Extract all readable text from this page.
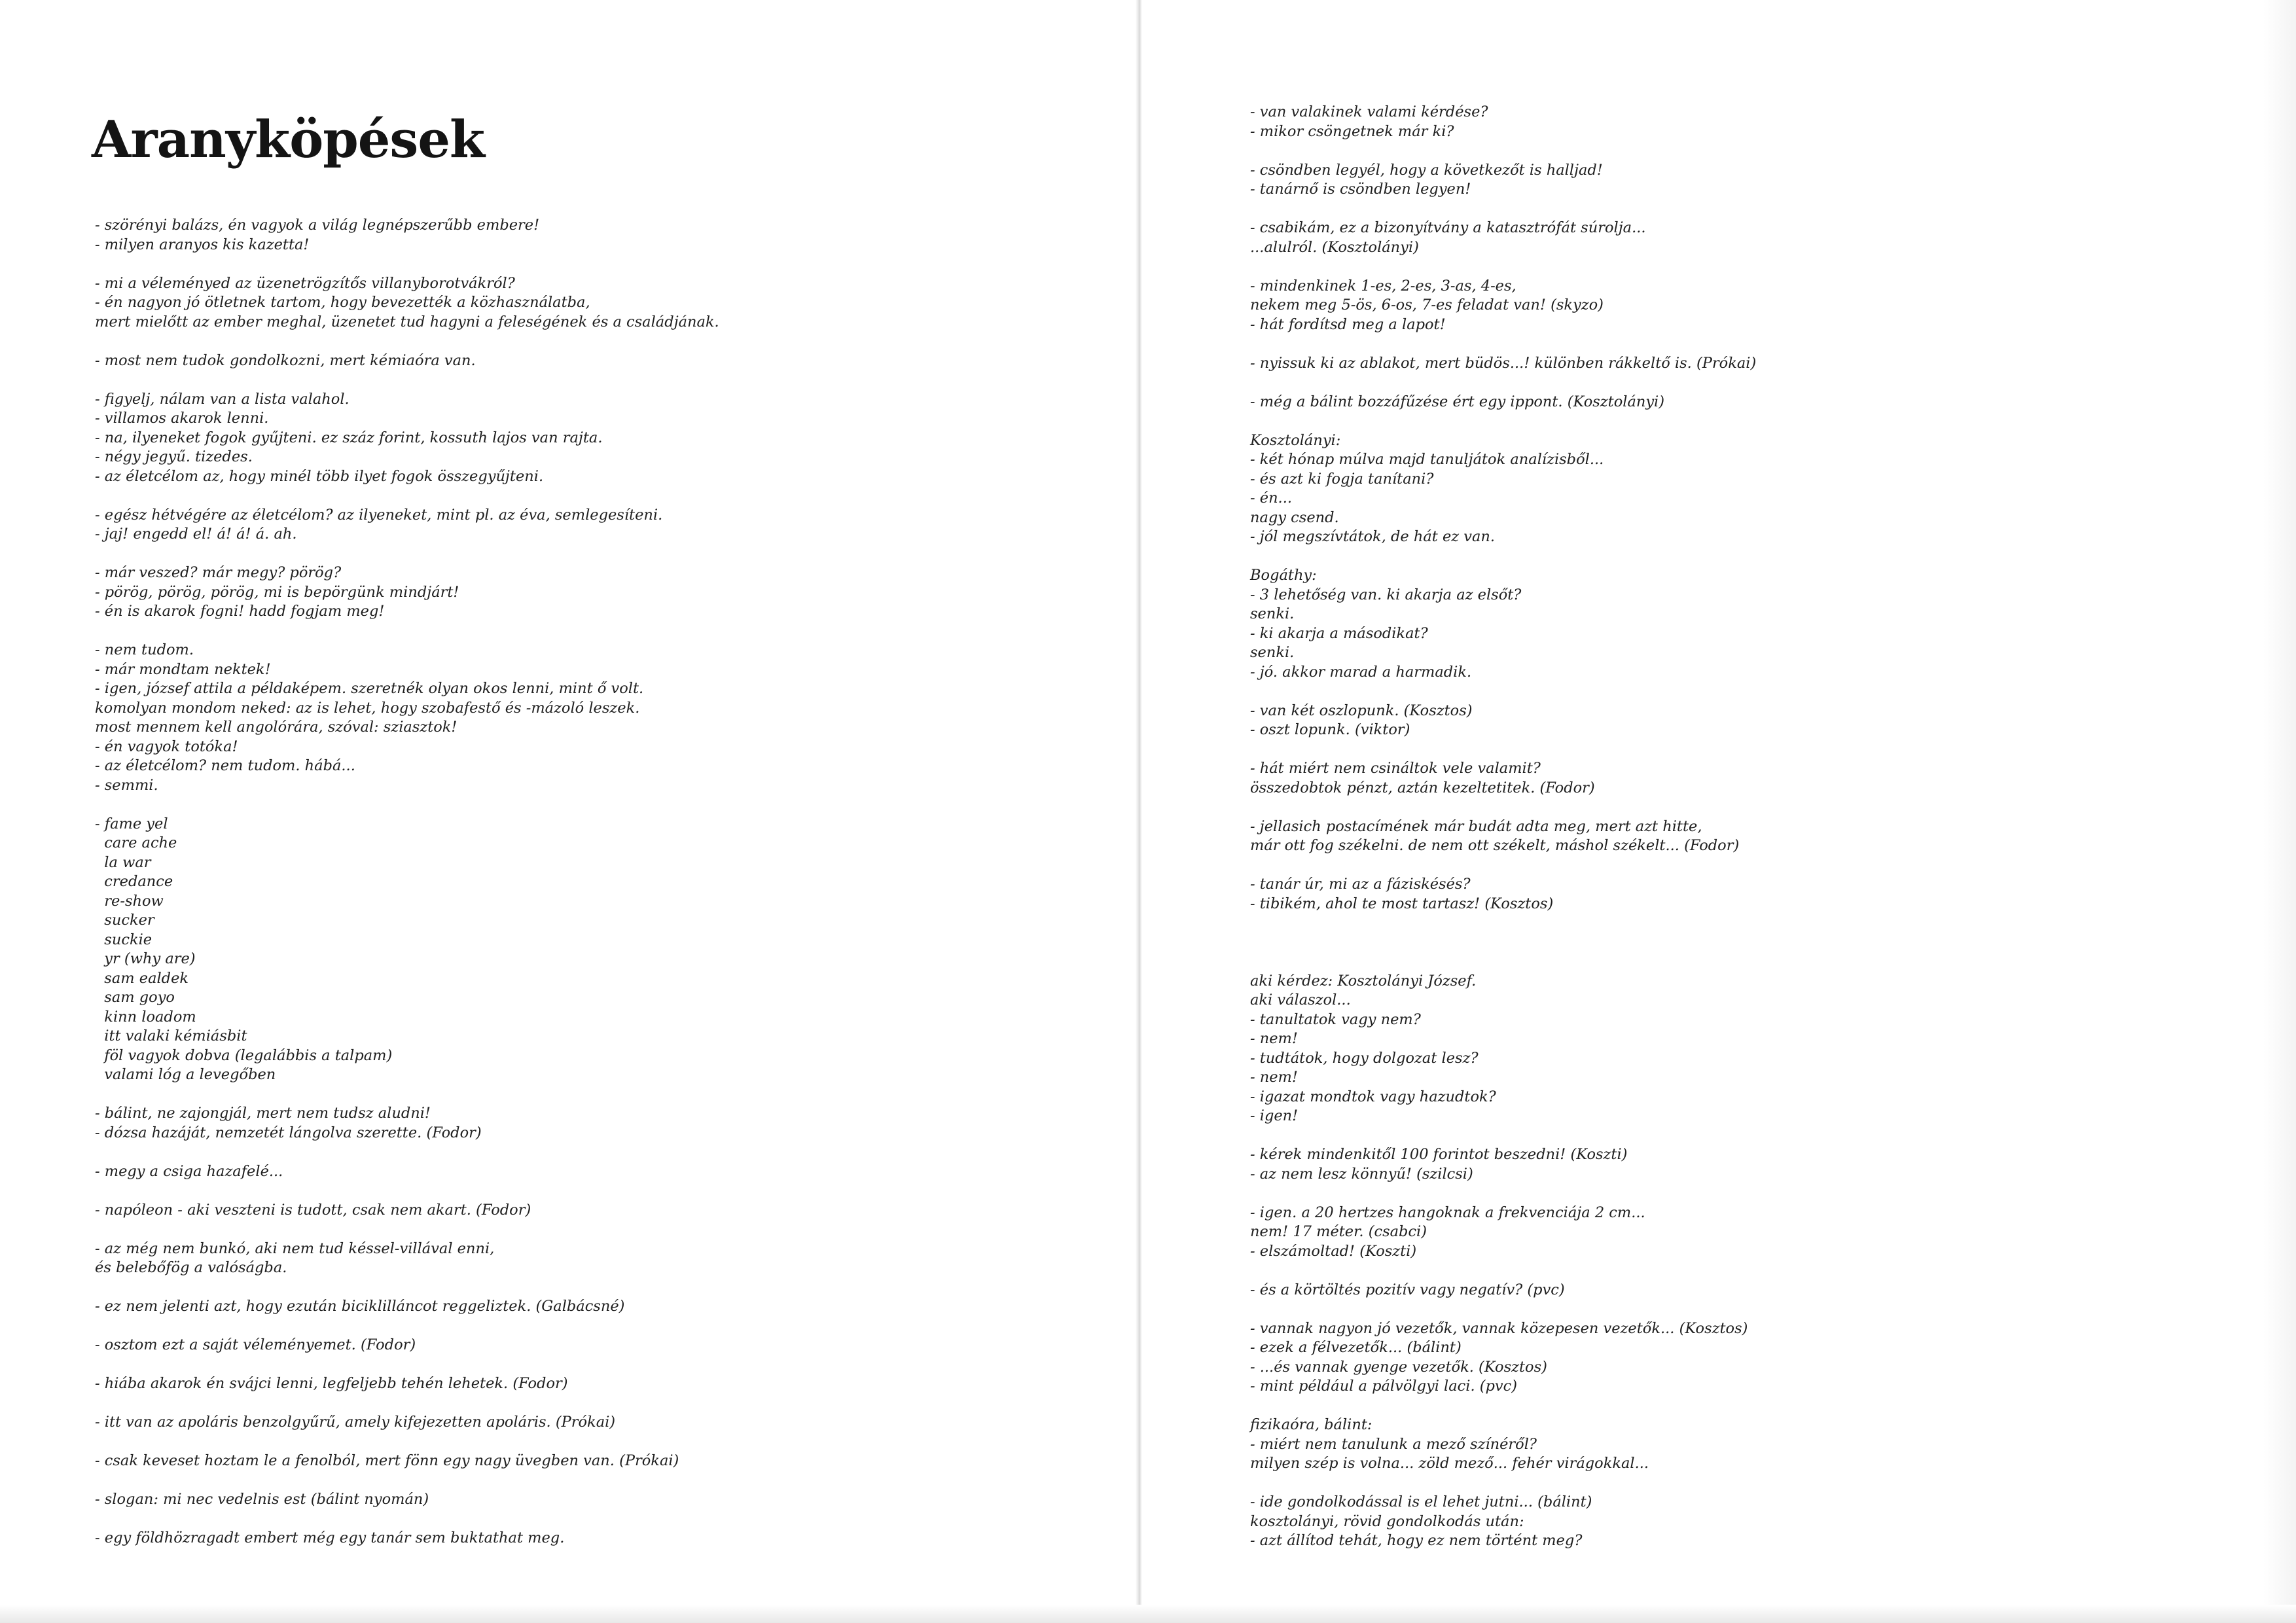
Aranyköpések
- szörényi balázs, én vagyok a világ legnépszerűbb embere!
- milyen aranyos kis kazetta!
- mi a véleményed az üzenetrögzítős villanyborotvákról?
- én nagyon jó ötletnek tartom, hogy bevezették a közhasználatba,
mert mielőtt az ember meghal, üzenetet tud hagyni a feleségének és a családjának.
- most nem tudok gondolkozni, mert kémiaóra van.
- figyelj, nálam van a lista valahol.
- villamos akarok lenni.
- na, ilyeneket fogok gyűjteni. ez száz forint, kossuth lajos van rajta.
- négy jegyű. tizedes.
- az életcélom az, hogy minél több ilyet fogok összegyűjteni.
- egész hétvégére az életcélom? az ilyeneket, mint pl. az éva, semlegesíteni.
- jaj! engedd el! á! á! á. ah.
- már veszed? már megy? pörög?
- pörög, pörög, pörög, mi is bepörgünk mindjárt!
- én is akarok fogni! hadd fogjam meg!
- nem tudom.
- már mondtam nektek!
- igen, józsef attila a példaképem. szeretnék olyan okos lenni, mint ő volt.
komolyan mondom neked: az is lehet, hogy szobafestő és -mázoló leszek.
most mennem kell angolórára, szóval: sziasztok!
- én vagyok totóka!
- az életcélom? nem tudom. hábá...
- semmi.
- fame yel
care ache
la war
credance
re-show
sucker
suckie
yr (why are)
sam ealdek
sam goyo
kinn loadom
itt valaki kémiásbit
föl vagyok dobva (legalábbis a talpam)
valami lóg a levegőben
- bálint, ne zajongjál, mert nem tudsz aludni!
- dózsa hazáját, nemzetét lángolva szerette. (Fodor)
- megy a csiga hazafelé...
- napóleon - aki veszteni is tudott, csak nem akart. (Fodor)
- az még nem bunkó, aki nem tud késsel-villával enni,
és belebőfög a valóságba.
- ez nem jelenti azt, hogy ezután biciklilláncot reggeliztek. (Galbácsné)
- osztom ezt a saját véleményemet. (Fodor)
- hiába akarok én svájci lenni, legfeljebb tehén lehetek. (Fodor)
- itt van az apoláris benzolgyűrű, amely kifejezetten apoláris. (Prókai)
- csak keveset hoztam le a fenolból, mert fönn egy nagy üvegben van. (Prókai)
- slogan: mi nec vedelnis est (bálint nyomán)
- egy földhözragadt embert még egy tanár sem buktathat meg.
- van valakinek valami kérdése?
- mikor csöngetnek már ki?
- csöndben legyél, hogy a következőt is halljad!
- tanárnő is csöndben legyen!
- csabikám, ez a bizonyítvány a katasztrófát súrolja...
...alulról. (Kosztolányi)
- mindenkinek 1-es, 2-es, 3-as, 4-es,
nekem meg 5-ös, 6-os, 7-es feladat van! (skyzo)
- hát fordítsd meg a lapot!
- nyissuk ki az ablakot, mert büdös...! különben rákkeltő is. (Prókai)
- még a bálint bozzáfűzése ért egy ippont. (Kosztolányi)
Kosztolányi:
- két hónap múlva majd tanuljátok analízisből...
- és azt ki fogja tanítani?
- én...
nagy csend.
- jól megszívtátok, de hát ez van.
Bogáthy:
- 3 lehetőség van. ki akarja az elsőt?
senki.
- ki akarja a másodikat?
senki.
- jó. akkor marad a harmadik.
- van két oszlopunk. (Kosztos)
- oszt lopunk. (viktor)
- hát miért nem csináltok vele valamit?
összedobtok pénzt, aztán kezeltetitek. (Fodor)
- jellasich postacímének már budát adta meg, mert azt hitte,
már ott fog székelni. de nem ott székelt, máshol székelt... (Fodor)
- tanár úr, mi az a fáziskésés?
- tibikém, ahol te most tartasz! (Kosztos)
aki kérdez: Kosztolányi József.
aki válaszol...
- tanultatok vagy nem?
- nem!
- tudtátok, hogy dolgozat lesz?
- nem!
- igazat mondtok vagy hazudtok?
- igen!
- kérek mindenkitől 100 forintot beszedni! (Koszti)
- az nem lesz könnyű! (szilcsi)
- igen. a 20 hertzes hangoknak a frekvenciája 2 cm...
nem! 17 méter. (csabci)
- elszámoltad! (Koszti)
- és a körtöltés pozitív vagy negatív? (pvc)
- vannak nagyon jó vezetők, vannak közepesen vezetők... (Kosztos)
- ezek a félvezetők... (bálint)
- ...és vannak gyenge vezetők. (Kosztos)
- mint például a pálvölgyi laci. (pvc)
fizikaóra, bálint:
- miért nem tanulunk a mező színéről?
milyen szép is volna... zöld mező... fehér virágokkal...
- ide gondolkodással is el lehet jutni... (bálint)
kosztolányi, rövid gondolkodás után:
- azt állítod tehát, hogy ez nem történt meg?
